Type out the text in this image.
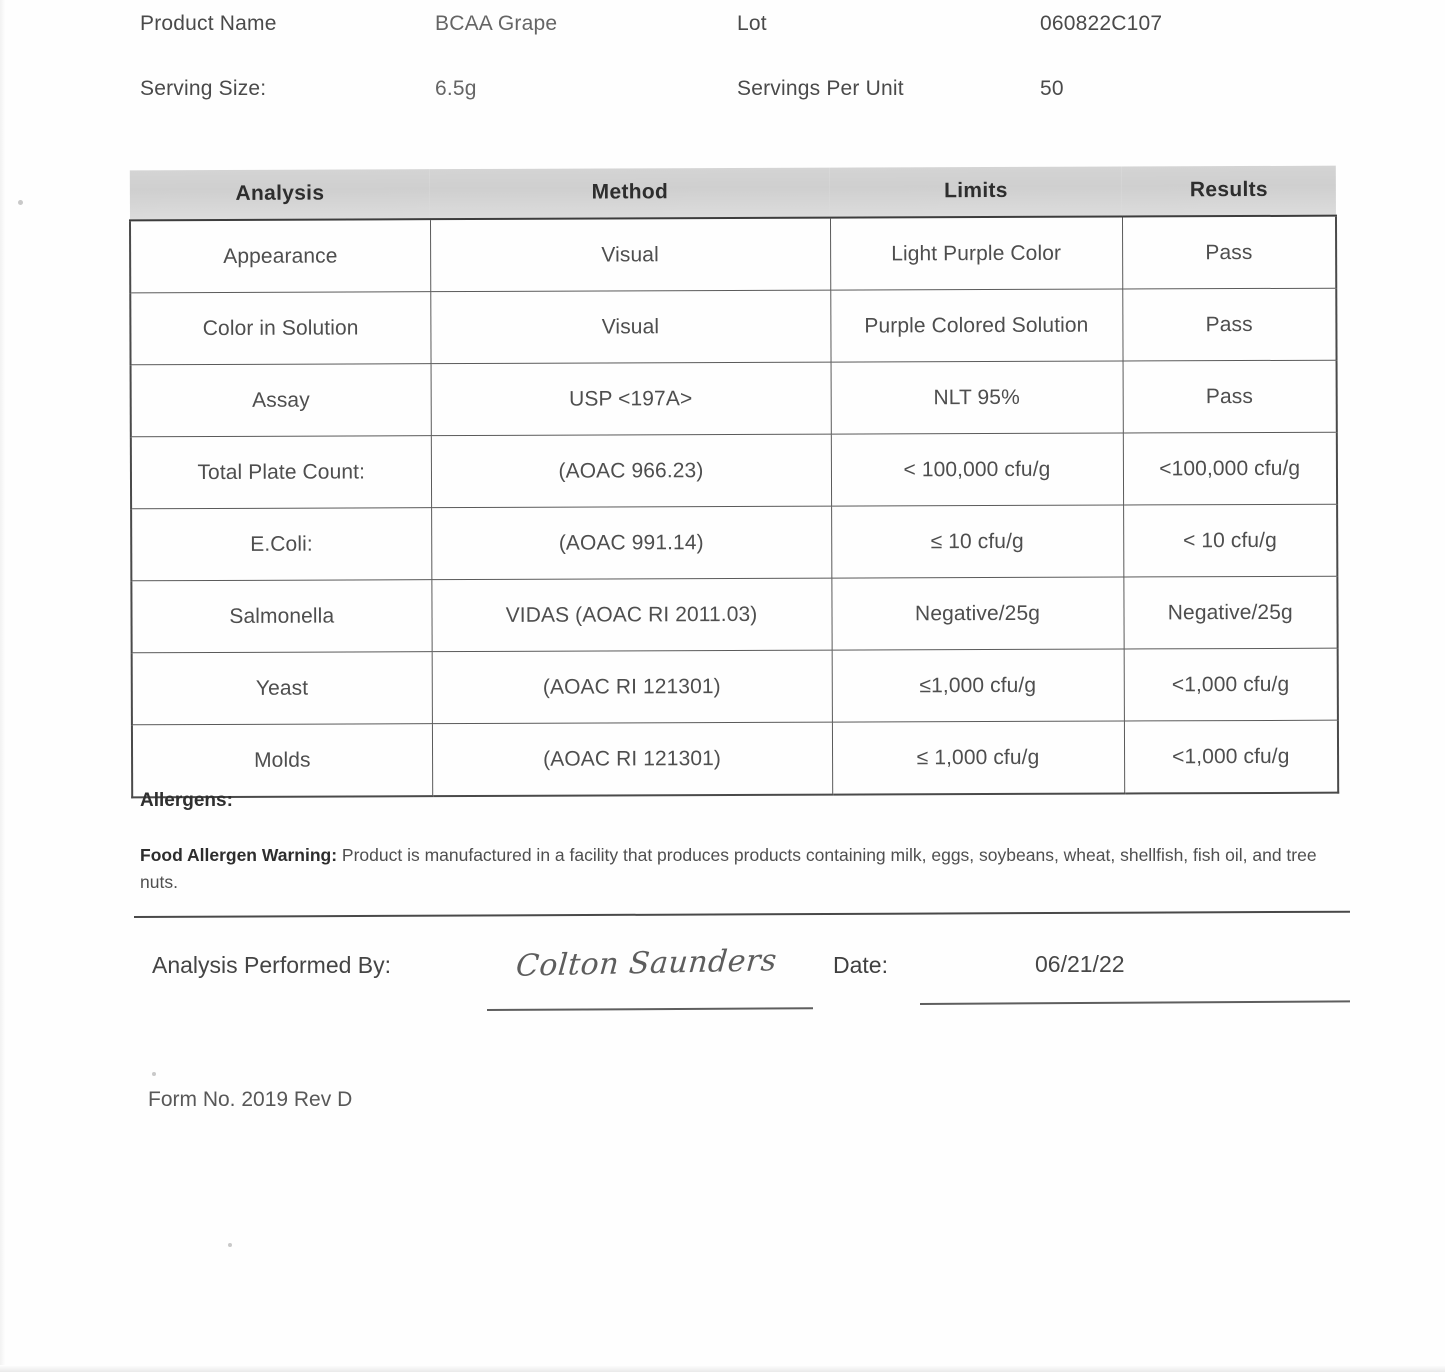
Product Name	BCAA Grape	Lot	060822C107
Serving Size:	6.5g	Servings Per Unit	50
Analysis	Method	Limits	Results
Appearance	Visual	Light Purple Color	Pass
Color in Solution	Visual	Purple Colored Solution	Pass
Assay	USP <197A>	NLT 95%	Pass
Total Plate Count:	(AOAC 966.23)	< 100,000 cfu/g	<100,000 cfu/g
E.Coli:	(AOAC 991.14)	≤ 10 cfu/g	< 10 cfu/g
Salmonella	VIDAS (AOAC RI 2011.03)	Negative/25g	Negative/25g
Yeast	(AOAC RI 121301)	≤1,000 cfu/g	<1,000 cfu/g
Molds	(AOAC RI 121301)	≤ 1,000 cfu/g	<1,000 cfu/g
Allergens:
Food Allergen Warning: Product is manufactured in a facility that produces products containing milk, eggs, soybeans, wheat, shellfish, fish oil, and tree nuts.
Analysis Performed By:	Colton Saunders Date:	06/21/22
Form No. 2019 Rev D
